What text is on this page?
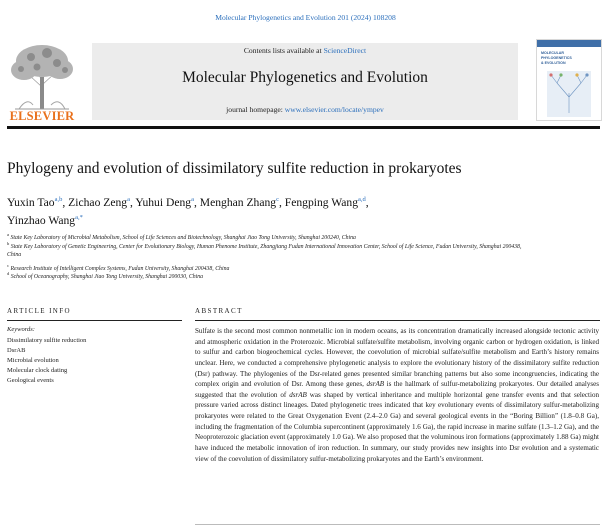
Molecular Phylogenetics and Evolution 201 (2024) 108208
ELSEVIER
Contents lists available at ScienceDirect
Molecular Phylogenetics and Evolution
journal homepage: www.elsevier.com/locate/ympev
MOLECULAR
PHYLOGENETICS
& EVOLUTION
Phylogeny and evolution of dissimilatory sulfite reduction in prokaryotes
Yuxin Tao$^{a,b}$, Zichao Zeng$^a$, Yuhui Deng$^a$, Menghan Zhang$^c$, Fengping Wang$^{a,d}$,
Yinzhao Wang$^{a,*}$
$^a$ State Key Laboratory of Microbial Metabolism, School of Life Sciences and Biotechnology, Shanghai Jiao Tong University, Shanghai 200240, China
$^b$ State Key Laboratory of Genetic Engineering, Center for Evolutionary Biology, Human Phenome Institute, Zhangjiang Fudan International Innovation Center, School of Life Science, Fudan University, Shanghai 200438, China
$^c$ Research Institute of Intelligent Complex Systems, Fudan University, Shanghai 200438, China
$^d$ School of Oceanography, Shanghai Jiao Tong University, Shanghai 200030, China
ARTICLE INFO
Keywords:
Dissimilatory sulfite reduction
DsrAB
Microbial evolution
Molecular clock dating
Geological events
ABSTRACT
Sulfate is the second most common nonmetallic ion in modern oceans, as its concentration dramatically increased alongside tectonic activity and atmospheric oxidation in the Proterozoic. Microbial sulfate/sulfite metabolism, involving organic carbon or hydrogen oxidation, is linked to sulfur and carbon biogeochemical cycles. However, the coevolution of microbial sulfate/sulfite metabolism and Earth’s history remains unclear. Here, we conducted a comprehensive phylogenetic analysis to explore the evolutionary history of the dissimilatory sulfite reduction (Dsr) pathway. The phylogenies of the Dsr-related genes presented similar branching patterns but also some incongruencies, indicating the complex origin and evolution of Dsr. Among these genes, dsrAB is the hallmark of sulfur-metabolizing prokaryotes. Our detailed analyses suggested that the evolution of dsrAB was shaped by vertical inheritance and multiple horizontal gene transfer events and that selection pressure varied across distinct lineages. Dated phylogenetic trees indicated that key evolutionary events of dissimilatory sulfur-metabolizing prokaryotes were related to the Great Oxygenation Event (2.4–2.0 Ga) and several geological events in the “Boring Billion” (1.8–0.8 Ga), including the fragmentation of the Columbia supercontinent (approximately 1.6 Ga), the rapid increase in marine sulfate (1.3–1.2 Ga), and the Neoproterozoic glaciation event (approximately 1.0 Ga). We also proposed that the voluminous iron formations (approximately 1.88 Ga) might have induced the metabolic innovation of iron reduction. In summary, our study provides new insights into Dsr evolution and a systematic view of the coevolution of dissimilatory sulfur-metabolizing prokaryotes and the Earth’s environment.
